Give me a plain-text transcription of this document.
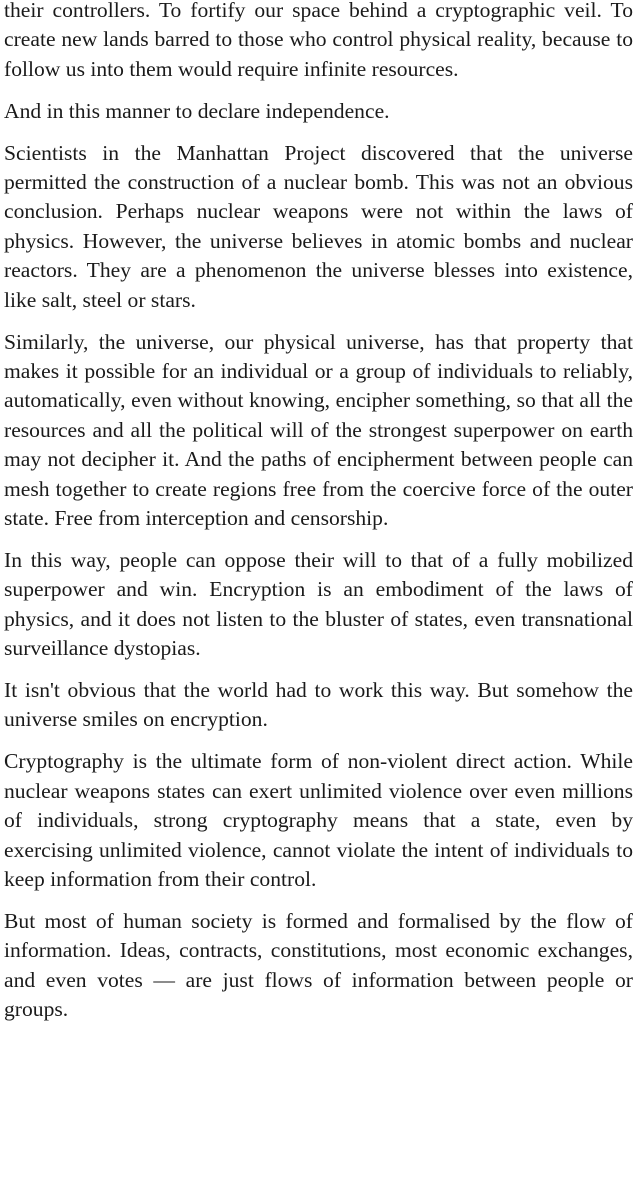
their controllers. To fortify our space behind a cryptographic veil. To create new lands barred to those who control physical reality, because to follow us into them would require infinite resources.

And in this manner to declare independence.

Scientists in the Manhattan Project discovered that the universe permitted the construction of a nuclear bomb. This was not an obvious conclusion. Perhaps nuclear weapons were not within the laws of physics. However, the universe believes in atomic bombs and nuclear reactors. They are a phenomenon the universe blesses into existence, like salt, steel or stars.

Similarly, the universe, our physical universe, has that property that makes it possible for an individual or a group of individuals to reliably, automatically, even without knowing, encipher something, so that all the resources and all the political will of the strongest superpower on earth may not decipher it. And the paths of encipherment between people can mesh together to create regions free from the coercive force of the outer state. Free from interception and censorship.

In this way, people can oppose their will to that of a fully mobilized superpower and win. Encryption is an embodiment of the laws of physics, and it does not listen to the bluster of states, even transnational surveillance dystopias.

It isn't obvious that the world had to work this way. But somehow the universe smiles on encryption.

Cryptography is the ultimate form of non-violent direct action. While nuclear weapons states can exert unlimited violence over even millions of individuals, strong cryptography means that a state, even by exercising unlimited violence, cannot violate the intent of individuals to keep information from their control.

But most of human society is formed and formalised by the flow of information. Ideas, contracts, constitutions, most economic exchanges, and even votes — are just flows of information between people or groups.
